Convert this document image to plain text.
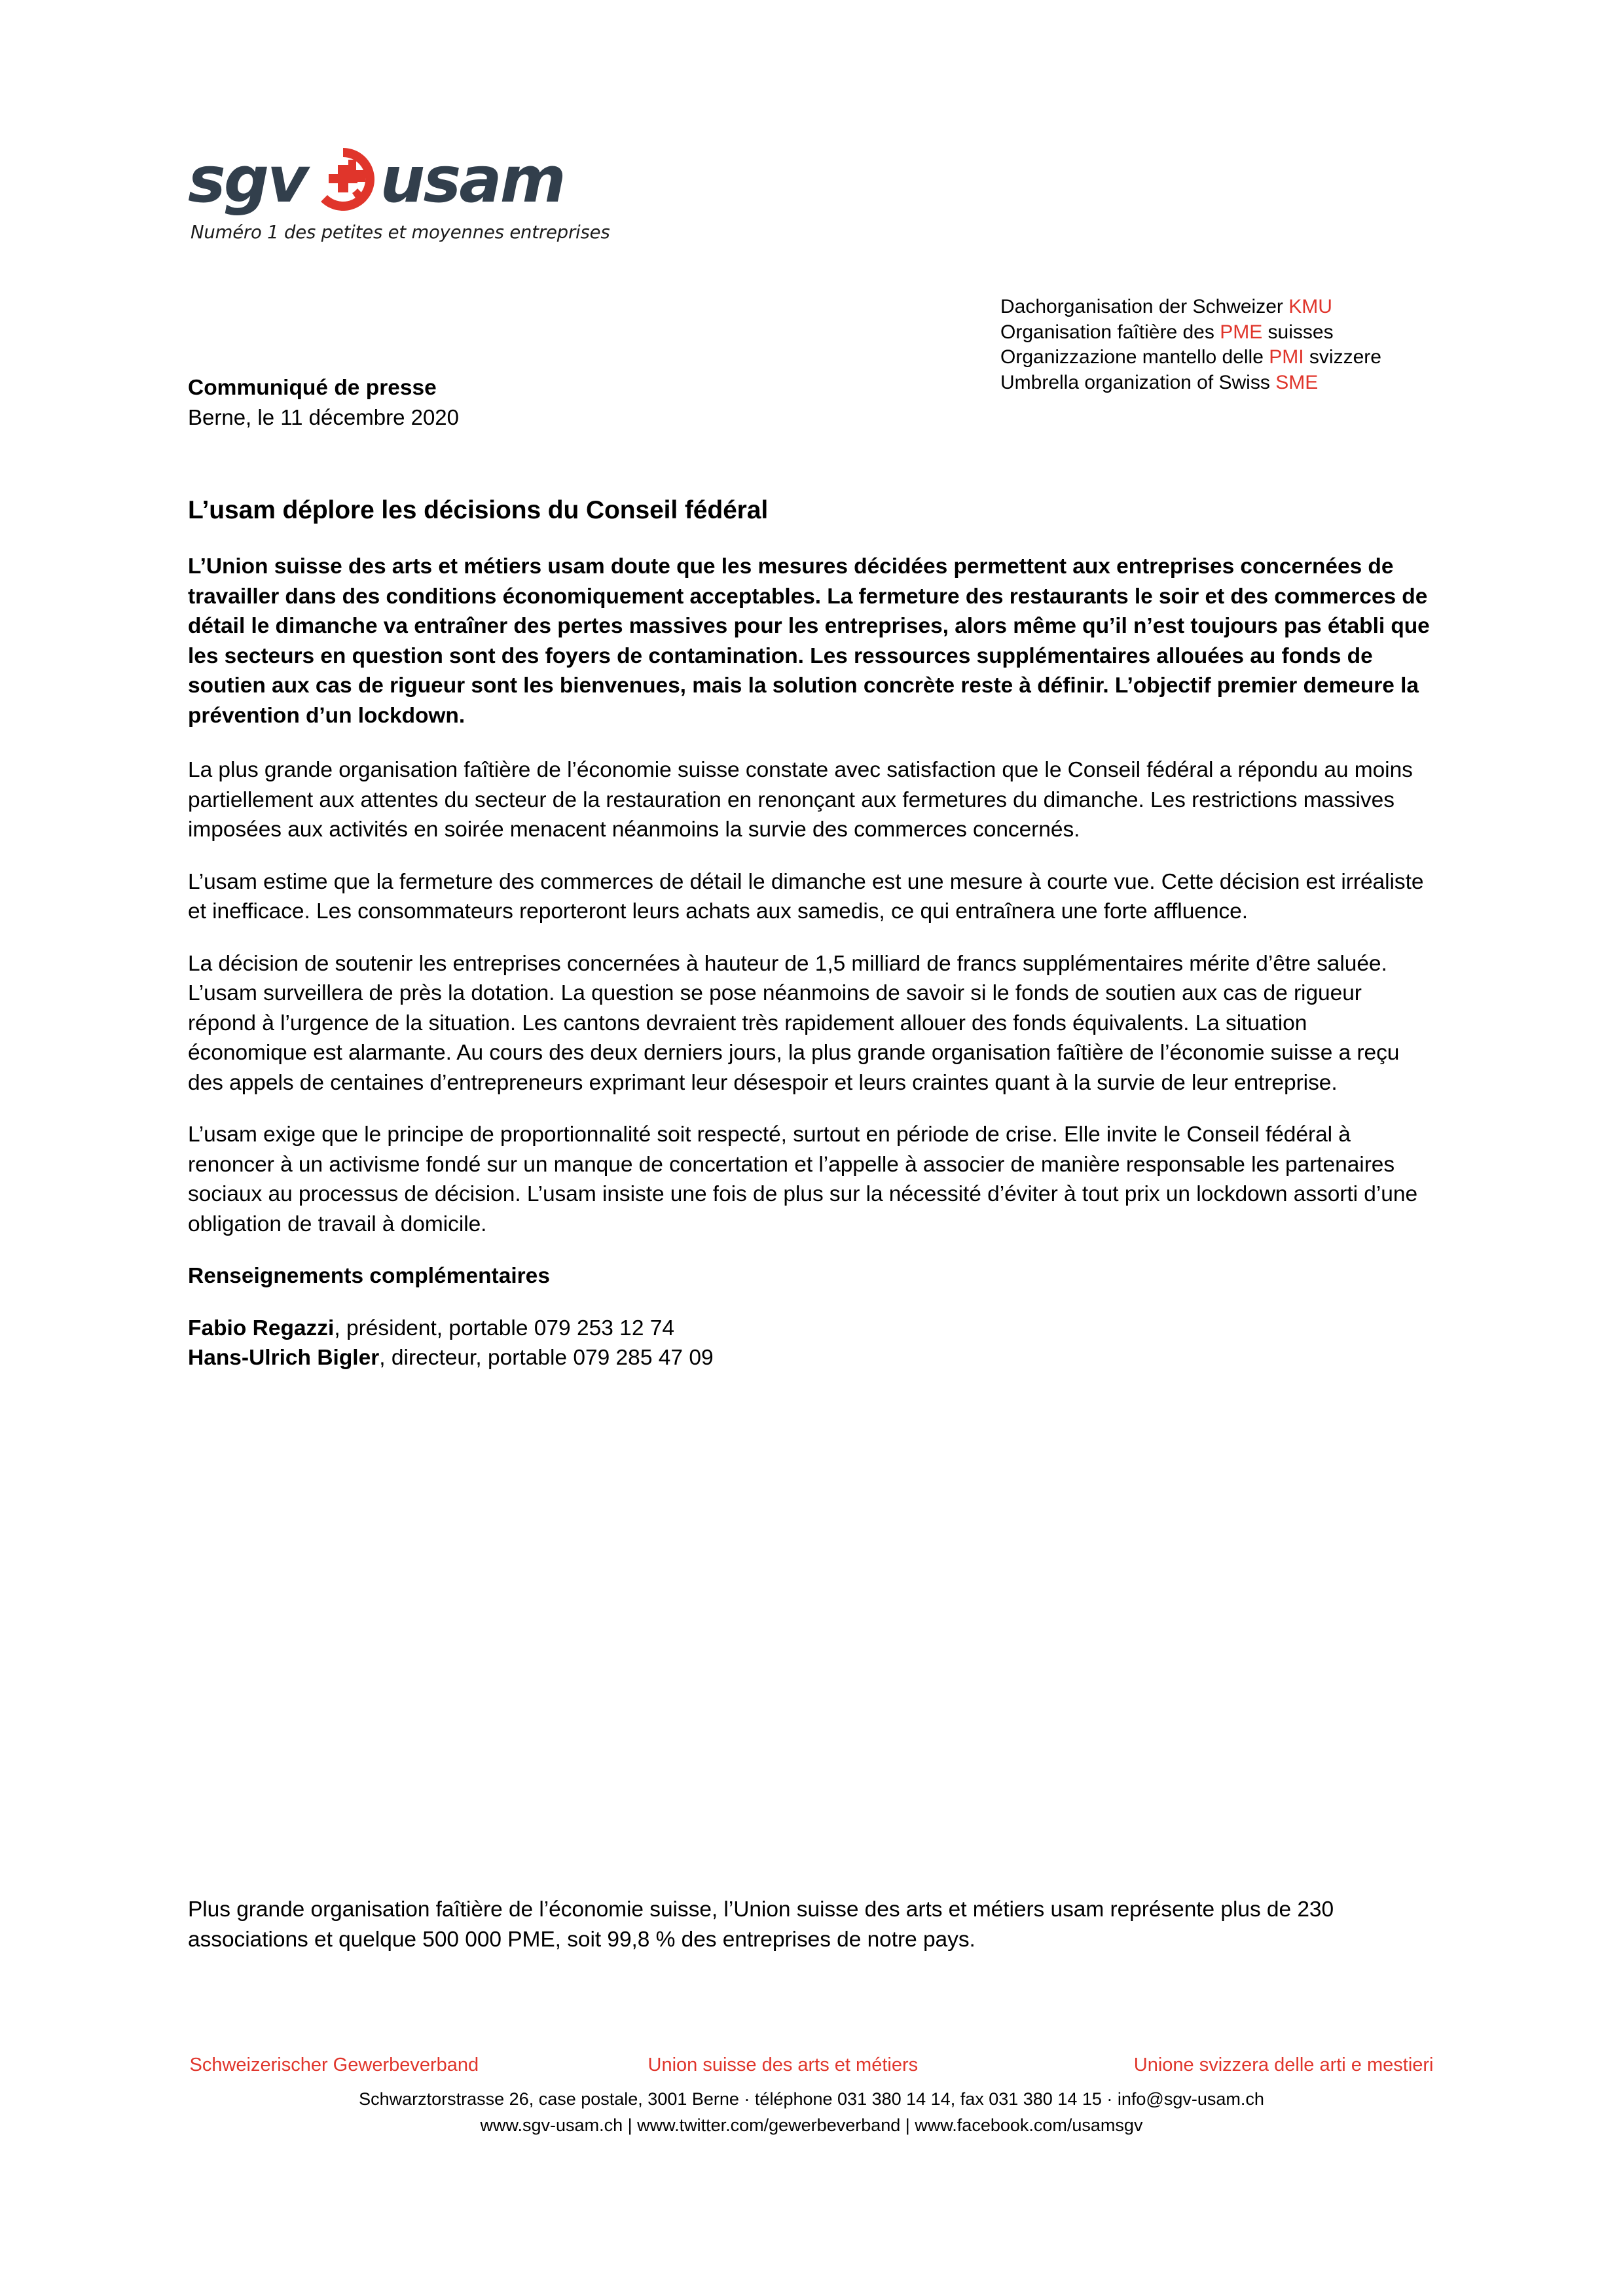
sgv usam
Numéro 1 des petites et moyennes entreprises
Dachorganisation der Schweizer KMU
Organisation faîtière des PME suisses
Organizzazione mantello delle PMI svizzere
Umbrella organization of Swiss SME
Communiqué de presse
Berne, le 11 décembre 2020
L’usam déplore les décisions du Conseil fédéral

L’Union suisse des arts et métiers usam doute que les mesures décidées permettent aux entreprises concernées de travailler dans des conditions économiquement acceptables. La fermeture des restaurants le soir et des commerces de détail le dimanche va entraîner des pertes massives pour les entreprises, alors même qu’il n’est toujours pas établi que les secteurs en question sont des foyers de contamination. Les ressources supplémentaires allouées au fonds de soutien aux cas de rigueur sont les bienvenues, mais la solution concrète reste à définir. L’objectif premier demeure la prévention d’un lockdown.

La plus grande organisation faîtière de l’économie suisse constate avec satisfaction que le Conseil fédéral a répondu au moins partiellement aux attentes du secteur de la restauration en renonçant aux fermetures du dimanche. Les restrictions massives imposées aux activités en soirée menacent néanmoins la survie des commerces concernés.

L’usam estime que la fermeture des commerces de détail le dimanche est une mesure à courte vue. Cette décision est irréaliste et inefficace. Les consommateurs reporteront leurs achats aux samedis, ce qui entraînera une forte affluence.

La décision de soutenir les entreprises concernées à hauteur de 1,5 milliard de francs supplémentaires mérite d’être saluée. L’usam surveillera de près la dotation. La question se pose néanmoins de savoir si le fonds de soutien aux cas de rigueur répond à l’urgence de la situation. Les cantons devraient très rapidement allouer des fonds équivalents. La situation économique est alarmante. Au cours des deux derniers jours, la plus grande organisation faîtière de l’économie suisse a reçu des appels de centaines d’entrepreneurs exprimant leur désespoir et leurs craintes quant à la survie de leur entreprise.

L’usam exige que le principe de proportionnalité soit respecté, surtout en période de crise. Elle invite le Conseil fédéral à renoncer à un activisme fondé sur un manque de concertation et l’appelle à associer de manière responsable les partenaires sociaux au processus de décision. L’usam insiste une fois de plus sur la nécessité d’éviter à tout prix un lockdown assorti d’une obligation de travail à domicile.

Renseignements complémentaires
Fabio Regazzi, président, portable 079 253 12 74
Hans-Ulrich Bigler, directeur, portable 079 285 47 09
Plus grande organisation faîtière de l’économie suisse, l’Union suisse des arts et métiers usam représente plus de 230 associations et quelque 500 000 PME, soit 99,8 % des entreprises de notre pays.
Schweizerischer Gewerbeverband	Union suisse des arts et métiers	Unione svizzera delle arti e mestieri
Schwarztorstrasse 26, case postale, 3001 Berne · téléphone 031 380 14 14, fax 031 380 14 15 · info@sgv-usam.ch
www.sgv-usam.ch | www.twitter.com/gewerbeverband | www.facebook.com/usamsgv
